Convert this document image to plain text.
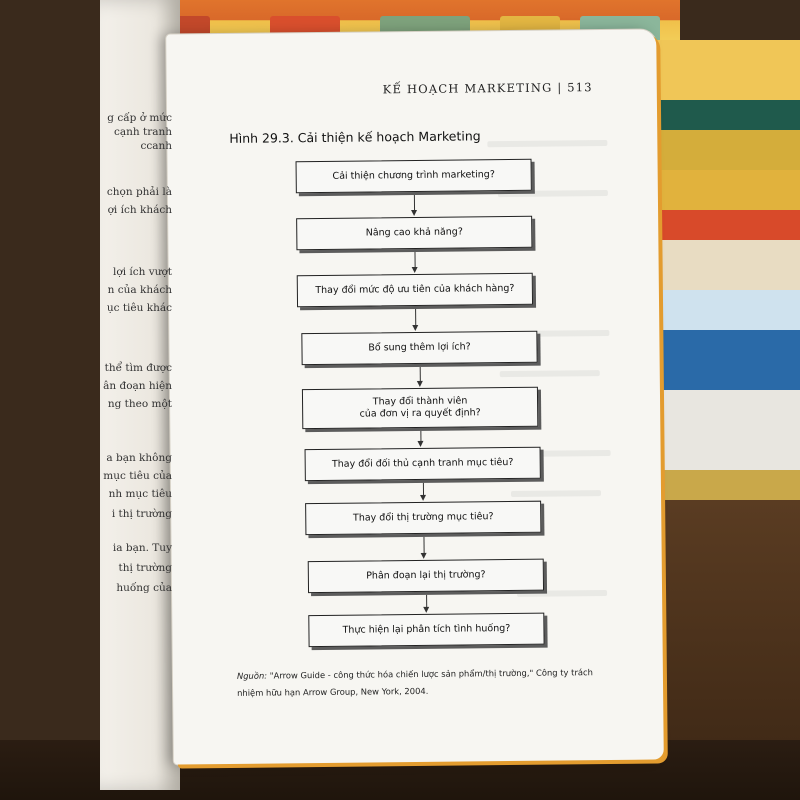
KẾ HOẠCH MARKETING | 513
Hình 29.3. Cải thiện kế hoạch Marketing
Cải thiện chương trình marketing?
Nâng cao khả năng?
Thay đổi mức độ ưu tiên của khách hàng?
Bổ sung thêm lợi ích?
Thay đổi thành viên
của đơn vị ra quyết định?
Thay đổi đối thủ cạnh tranh mục tiêu?
Thay đổi thị trường mục tiêu?
Phân đoạn lại thị trường?
Thực hiện lại phân tích tình huống?
Nguồn: "Arrow Guide - công thức hóa chiến lược sản phẩm/thị trường," Công ty trách nhiệm hữu hạn Arrow Group, New York, 2004.
g cấp ở mức
cạnh tranh
ccanh
chọn phải là
ợi ích khách
lợi ích vượt
n của khách
ục tiêu khác
thể tìm được
ân đoạn hiện
ng theo một
a bạn không
mục tiêu của
nh mục tiêu
i thị trường
ia bạn. Tuy
thị trường
huống của
